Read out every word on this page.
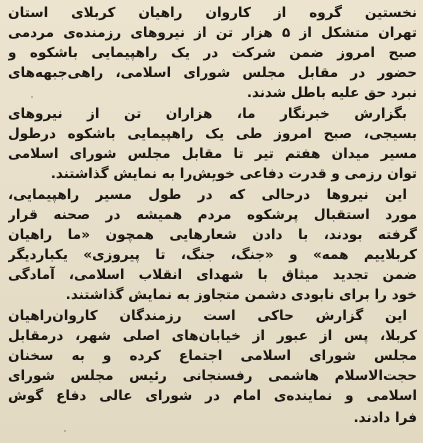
نخستین گروه از کاروان راهیان کربلای استان
تهران متشکل از ۵ هزار تن از نیروهای رزمنده‌ی مردمی
صبح امروز ضمن شرکت در یک راهپیمایی باشکوه و
حضور در مقابل مجلس شورای اسلامی، راهی‌جبهه‌های
نبرد حق علیه باطل شدند.
بگزارش خبرنگار ما، هزاران تن از نیروهای
بسیجی، صبح امروز طی یک راهپیمایی باشکوه درطول
مسیر میدان هفتم تیر تا مقابل مجلس شورای اسلامی
توان رزمی و قدرت دفاعی خویش‌را به نمایش گذاشتند.
این نیروها درحالی که در طول مسیر راهپیمایی،
مورد استقبال پرشکوه مردم همیشه در صحنه قرار
گرفته بودند، با دادن شعارهایی همچون «ما راهیان
کربلاییم همه» و «جنگ، جنگ، تا پیروزی» یکباردیگر
ضمن تجدید میثاق با شهدای انقلاب اسلامی، آمادگی
خود را برای نابودی دشمن متجاوز به نمایش گذاشتند.
این گزارش حاکی است رزمندگان کاروان‌راهیان
کربلا، پس از عبور از خیابان‌های اصلی شهر، درمقابل
مجلس شورای اسلامی اجتماع کرده و به سخنان
حجت‌الاسلام هاشمی رفسنجانی رئیس مجلس شورای
اسلامی و نماینده‌ی امام در شورای عالی دفاع گوش
فرا دادند.
